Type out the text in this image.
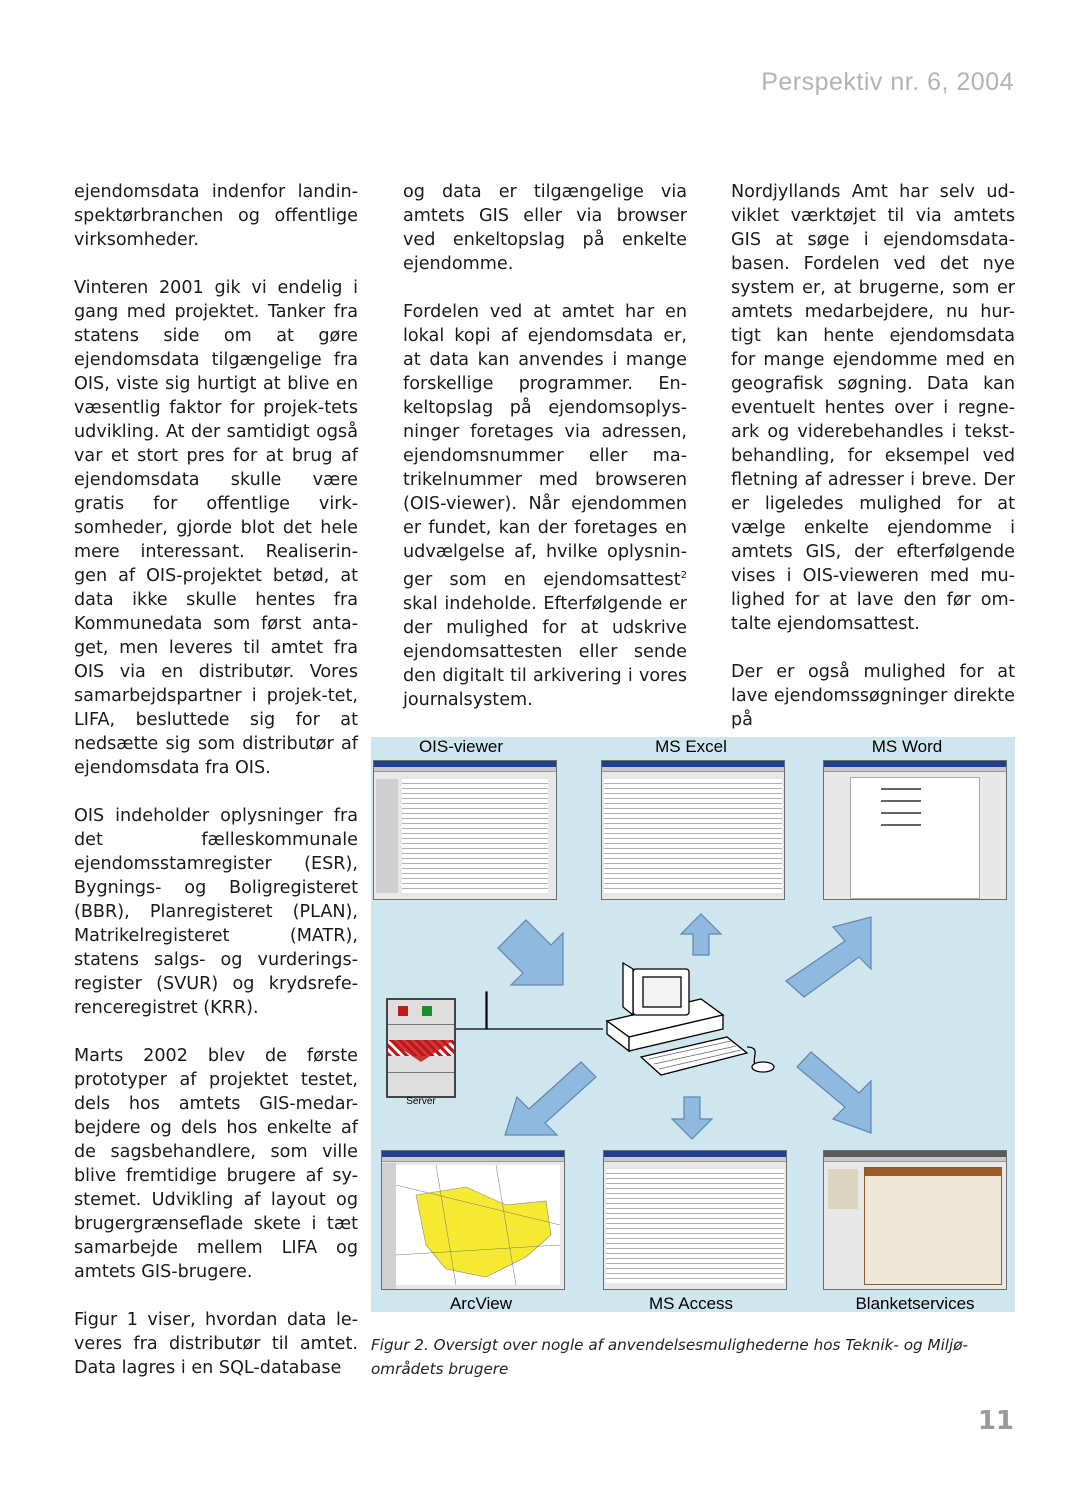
Perspektiv nr. 6, 2004

ejendomsdata indenfor landin-spektørbranchen og offentlige virksomheder.

Vinteren 2001 gik vi endelig i gang med projektet. Tanker fra statens side om at gøre ejendomsdata tilgængelige fra OIS, viste sig hurtigt at blive en væsentlig faktor for projek-tets udvikling. At der samtidigt også var et stort pres for at brug af ejendomsdata skulle være gratis for offentlige virk-somheder, gjorde blot det hele mere interessant. Realiserin-gen af OIS-projektet betød, at data ikke skulle hentes fra Kommunedata som først anta-get, men leveres til amtet fra OIS via en distributør. Vores samarbejdspartner i projek-tet, LIFA, besluttede sig for at nedsætte sig som distributør af ejendomsdata fra OIS.

OIS indeholder oplysninger fra det fælleskommunale ejendomsstamregister (ESR), Bygnings- og Boligregisteret (BBR), Planregisteret (PLAN), Matrikelregisteret (MATR), statens salgs- og vurderings-register (SVUR) og krydsrefe-renceregistret (KRR).

Marts 2002 blev de første prototyper af projektet testet, dels hos amtets GIS-medar-bejdere og dels hos enkelte af de sagsbehandlere, som ville blive fremtidige brugere af sy-stemet. Udvikling af layout og brugergrænseflade skete i tæt samarbejde mellem LIFA og amtets GIS-brugere.

Figur 1 viser, hvordan data le-veres fra distributør til amtet. Data lagres i en SQL-database

og data er tilgængelige via amtets GIS eller via browser ved enkeltopslag på enkelte ejendomme.

Fordelen ved at amtet har en lokal kopi af ejendomsdata er, at data kan anvendes i mange forskellige programmer. En-keltopslag på ejendomsoplys-ninger foretages via adressen, ejendomsnummer eller ma-trikelnummer med browseren (OIS-viewer). Når ejendommen er fundet, kan der foretages en udvælgelse af, hvilke oplysnin-ger som en ejendomsattest$^2$ skal indeholde. Efterfølgende er der mulighed for at udskrive ejendomsattesten eller sende den digitalt til arkivering i vores journalsystem.

Nordjyllands Amt har selv ud-viklet værktøjet til via amtets GIS at søge i ejendomsdata-basen. Fordelen ved det nye system er, at brugerne, som er amtets medarbejdere, nu hur-tigt kan hente ejendomsdata for mange ejendomme med en geografisk søgning. Data kan eventuelt hentes over i regne-ark og viderebehandles i tekst-behandling, for eksempel ved fletning af adresser i breve. Der er ligeledes mulighed for at vælge enkelte ejendomme i amtets GIS, der efterfølgende vises i OIS-vieweren med mu-lighed for at lave den før om-talte ejendomsattest.

Der er også mulighed for at lave ejendomssøgninger direkte på

OIS-viewer	MS Excel	MS Word
Server
ArcView	MS Access	Blanketservices
Figur 2. Oversigt over nogle af anvendelsesmulighederne hos Teknik- og Miljø-områdets brugere
11
